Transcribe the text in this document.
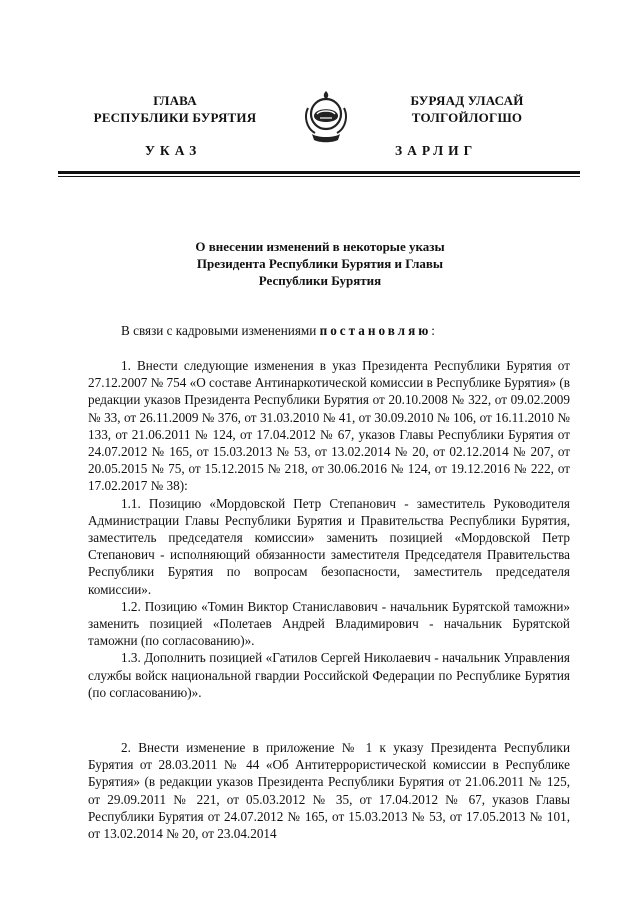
ГЛАВА
РЕСПУБЛИКИ БУРЯТИЯ
БУРЯАД УЛАСАЙ
ТОЛГОЙЛОГШО
УКАЗ	ЗАРЛИГ
О внесении изменений в некоторые указы
Президента Республики Бурятия и Главы
Республики Бурятия

В связи с кадровыми изменениями постановляю:

1. Внести следующие изменения в указ Президента Республики Бурятия от 27.12.2007 № 754 «О составе Антинаркотической комиссии в Республике Бурятия» (в редакции указов Президента Республики Бурятия от 20.10.2008 № 322, от 09.02.2009 № 33, от 26.11.2009 № 376, от 31.03.2010 № 41, от 30.09.2010 № 106, от 16.11.2010 № 133, от 21.06.2011 № 124, от 17.04.2012 № 67, указов Главы Республики Бурятия от 24.07.2012 № 165, от 15.03.2013 № 53, от 13.02.2014 № 20, от 02.12.2014 № 207, от 20.05.2015 № 75, от 15.12.2015 № 218, от 30.06.2016 № 124, от 19.12.2016 № 222, от 17.02.2017 № 38):

1.1. Позицию «Мордовской Петр Степанович - заместитель Руководителя Администрации Главы Республики Бурятия и Правительства Республики Бурятия, заместитель председателя комиссии» заменить позицией «Мордовской Петр Степанович - исполняющий обязанности заместителя Председателя Правительства Республики Бурятия по вопросам безопасности, заместитель председателя комиссии».

1.2. Позицию «Томин Виктор Станиславович - начальник Бурятской таможни» заменить позицией «Полетаев Андрей Владимирович - начальник Бурятской таможни (по согласованию)».

1.3. Дополнить позицией «Гатилов Сергей Николаевич - начальник Управления службы войск национальной гвардии Российской Федерации по Республике Бурятия (по согласованию)».

2. Внести изменение в приложение № 1 к указу Президента Республики Бурятия от 28.03.2011 № 44 «Об Антитеррористической комиссии в Республике Бурятия» (в редакции указов Президента Республики Бурятия от 21.06.2011 № 125, от 29.09.2011 № 221, от 05.03.2012 № 35, от 17.04.2012 № 67, указов Главы Республики Бурятия от 24.07.2012 № 165, от 15.03.2013 № 53, от 17.05.2013 № 101, от 13.02.2014 № 20, от 23.04.2014
